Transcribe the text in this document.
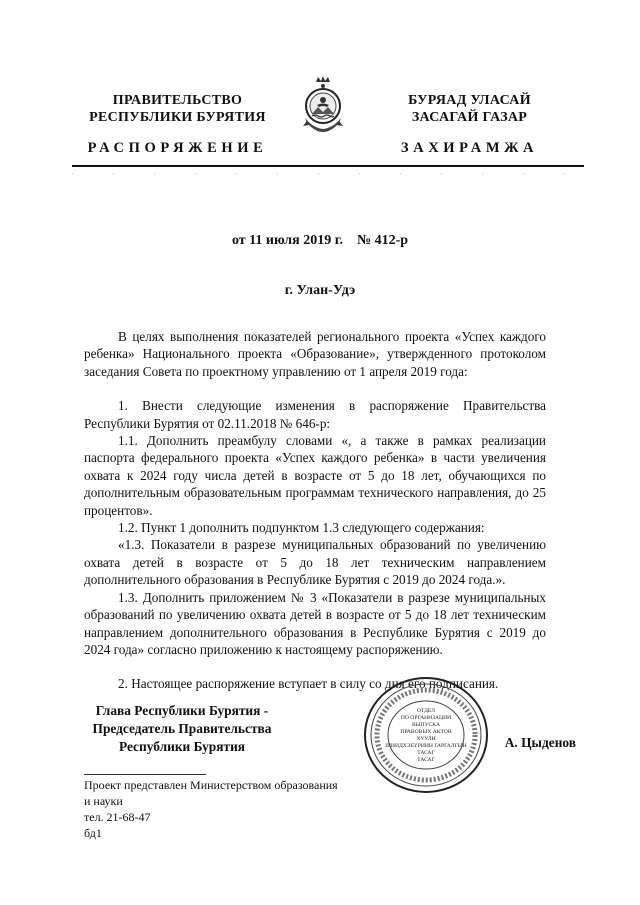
ПРАВИТЕЛЬСТВО
РЕСПУБЛИКИ БУРЯТИЯ
БУРЯАД УЛАСАЙ
ЗАСАГАЙ ГАЗАР
РАСПОРЯЖЕНИЕ	ЗАХИРАМЖА
от 11 июля 2019 г.    № 412-р
г. Улан-Удэ

В целях выполнения показателей регионального проекта «Успех каждого ребенка» Национального проекта «Образование», утвержденного протоколом заседания Совета по проектному управлению от 1 апреля 2019 года:

1. Внести следующие изменения в распоряжение Правительства Республики Бурятия от 02.11.2018 № 646-р:

1.1. Дополнить преамбулу словами «, а также в рамках реализации паспорта федерального проекта «Успех каждого ребенка» в части увеличения охвата к 2024 году числа детей в возрасте от 5 до 18 лет, обучающихся по дополнительным образовательным программам технического направления, до 25 процентов».

1.2. Пункт 1 дополнить подпунктом 1.3 следующего содержания:

«1.3. Показатели в разрезе муниципальных образований по увеличению охвата детей в возрасте от 5 до 18 лет техническим направлением дополнительного образования в Республике Бурятия с 2019 до 2024 года.».

1.3. Дополнить приложением № 3 «Показатели в разрезе муниципальных образований по увеличению охвата детей в возрасте от 5 до 18 лет техническим направлением дополнительного образования в Республике Бурятия с 2019 до 2024 года» согласно приложению к настоящему распоряжению.

2. Настоящее распоряжение вступает в силу со дня его подписания.

Глава Республики Бурятия -
Председатель Правительства
Республики Бурятия
ОТДЕЛ
ПО ОРГАНИЗАЦИИ
ВЫПУСКА
ПРАВОВЫХ АКТОВ
ХУУЛИ
ШИИДХЭБҮРИИН ГАРГАЛГЫН
ТАСАГ
ТАСАГ
А. Цыденов
Проект представлен Министерством образования
и науки
тел. 21-68-47
бд1
